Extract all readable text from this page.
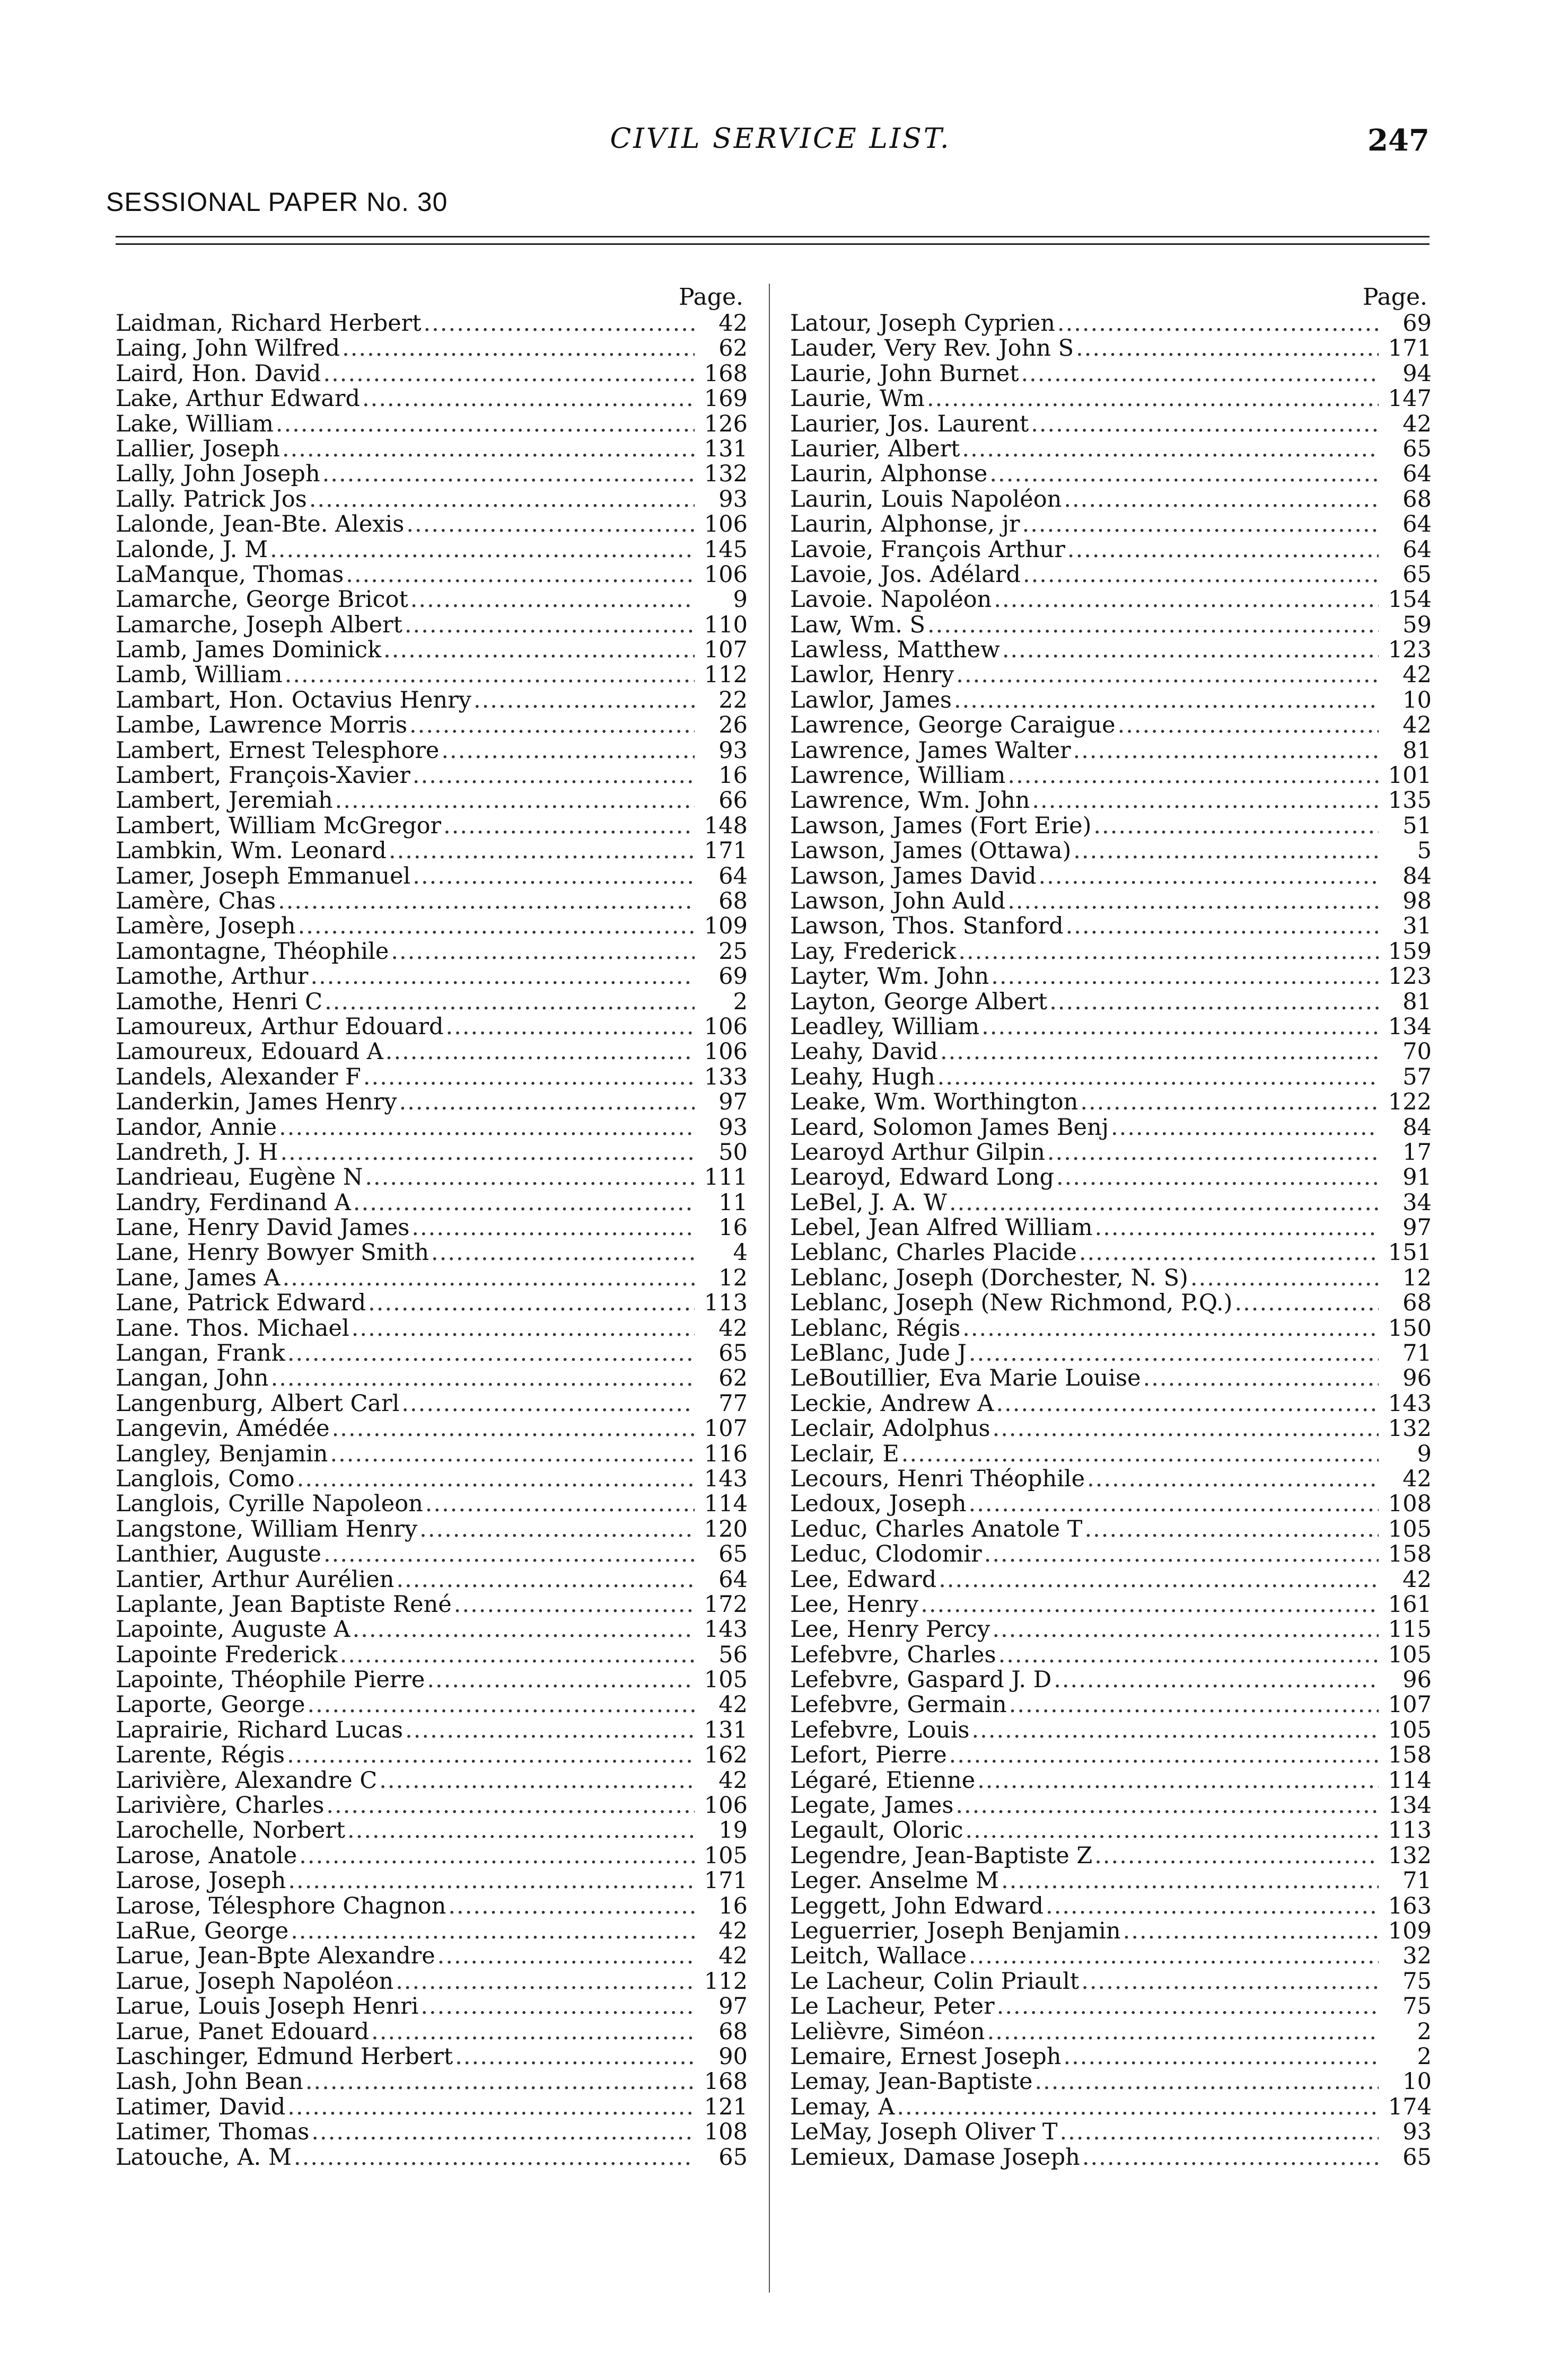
CIVIL SERVICE LIST.	247
SESSIONAL PAPER No. 30
Page.
Laidman, Richard Herbert .....	42
Laing, John Wilfred .....	62
Laird, Hon. David .....	168
Lake, Arthur Edward .....	169
Lake, William .....	126
Lallier, Joseph .....	131
Lally, John Joseph .....	132
Lally. Patrick Jos .....	93
Lalonde, Jean-Bte. Alexis .....	106
Lalonde, J. M .....	145
LaManque, Thomas .....	106
Lamarche, George Bricot .....	9
Lamarche, Joseph Albert .....	110
Lamb, James Dominick .....	107
Lamb, William .....	112
Lambart, Hon. Octavius Henry .....	22
Lambe, Lawrence Morris .....	26
Lambert, Ernest Telesphore .....	93
Lambert, François-Xavier .....	16
Lambert, Jeremiah .....	66
Lambert, William McGregor .....	148
Lambkin, Wm. Leonard .....	171
Lamer, Joseph Emmanuel .....	64
Lamère, Chas .....	68
Lamère, Joseph .....	109
Lamontagne, Théophile .....	25
Lamothe, Arthur .....	69
Lamothe, Henri C .....	2
Lamoureux, Arthur Edouard .....	106
Lamoureux, Edouard A .....	106
Landels, Alexander F .....	133
Landerkin, James Henry .....	97
Landor, Annie .....	93
Landreth, J. H .....	50
Landrieau, Eugène N .....	111
Landry, Ferdinand A .....	11
Lane, Henry David James .....	16
Lane, Henry Bowyer Smith .....	4
Lane, James A .....	12
Lane, Patrick Edward .....	113
Lane. Thos. Michael .....	42
Langan, Frank .....	65
Langan, John .....	62
Langenburg, Albert Carl .....	77
Langevin, Amédée .....	107
Langley, Benjamin .....	116
Langlois, Como .....	143
Langlois, Cyrille Napoleon .....	114
Langstone, William Henry .....	120
Lanthier, Auguste .....	65
Lantier, Arthur Aurélien .....	64
Laplante, Jean Baptiste René .....	172
Lapointe, Auguste A .....	143
Lapointe Frederick .....	56
Lapointe, Théophile Pierre .....	105
Laporte, George .....	42
Laprairie, Richard Lucas .....	131
Larente, Régis .....	162
Larivière, Alexandre C .....	42
Larivière, Charles .....	106
Larochelle, Norbert .....	19
Larose, Anatole .....	105
Larose, Joseph .....	171
Larose, Télesphore Chagnon .....	16
LaRue, George .....	42
Larue, Jean-Bpte Alexandre .....	42
Larue, Joseph Napoléon .....	112
Larue, Louis Joseph Henri .....	97
Larue, Panet Edouard .....	68
Laschinger, Edmund Herbert .....	90
Lash, John Bean .....	168
Latimer, David .....	121
Latimer, Thomas .....	108
Latouche, A. M .....	65
Page.
Latour, Joseph Cyprien .....	69
Lauder, Very Rev. John S .....	171
Laurie, John Burnet .....	94
Laurie, Wm .....	147
Laurier, Jos. Laurent .....	42
Laurier, Albert .....	65
Laurin, Alphonse .....	64
Laurin, Louis Napoléon .....	68
Laurin, Alphonse, jr .....	64
Lavoie, François Arthur .....	64
Lavoie, Jos. Adélard .....	65
Lavoie. Napoléon .....	154
Law, Wm. S .....	59
Lawless, Matthew .....	123
Lawlor, Henry .....	42
Lawlor, James .....	10
Lawrence, George Caraigue .....	42
Lawrence, James Walter .....	81
Lawrence, William .....	101
Lawrence, Wm. John .....	135
Lawson, James (Fort Erie) .....	51
Lawson, James (Ottawa) .....	5
Lawson, James David .....	84
Lawson, John Auld .....	98
Lawson, Thos. Stanford .....	31
Lay, Frederick .....	159
Layter, Wm. John .....	123
Layton, George Albert .....	81
Leadley, William .....	134
Leahy, David .....	70
Leahy, Hugh .....	57
Leake, Wm. Worthington .....	122
Leard, Solomon James Benj .....	84
Learoyd Arthur Gilpin .....	17
Learoyd, Edward Long .....	91
LeBel, J. A. W .....	34
Lebel, Jean Alfred William .....	97
Leblanc, Charles Placide .....	151
Leblanc, Joseph (Dorchester, N. S) .....	12
Leblanc, Joseph (New Richmond, P.Q.) .....	68
Leblanc, Régis .....	150
LeBlanc, Jude J .....	71
LeBoutillier, Eva Marie Louise .....	96
Leckie, Andrew A .....	143
Leclair, Adolphus .....	132
Leclair, E .....	9
Lecours, Henri Théophile .....	42
Ledoux, Joseph .....	108
Leduc, Charles Anatole T .....	105
Leduc, Clodomir .....	158
Lee, Edward .....	42
Lee, Henry .....	161
Lee, Henry Percy .....	115
Lefebvre, Charles .....	105
Lefebvre, Gaspard J. D .....	96
Lefebvre, Germain .....	107
Lefebvre, Louis .....	105
Lefort, Pierre .....	158
Légaré, Etienne .....	114
Legate, James .....	134
Legault, Oloric .....	113
Legendre, Jean-Baptiste Z .....	132
Leger. Anselme M .....	71
Leggett, John Edward .....	163
Leguerrier, Joseph Benjamin .....	109
Leitch, Wallace .....	32
Le Lacheur, Colin Priault .....	75
Le Lacheur, Peter .....	75
Lelièvre, Siméon .....	2
Lemaire, Ernest Joseph .....	2
Lemay, Jean-Baptiste .....	10
Lemay, A .....	174
LeMay, Joseph Oliver T .....	93
Lemieux, Damase Joseph .....	65
